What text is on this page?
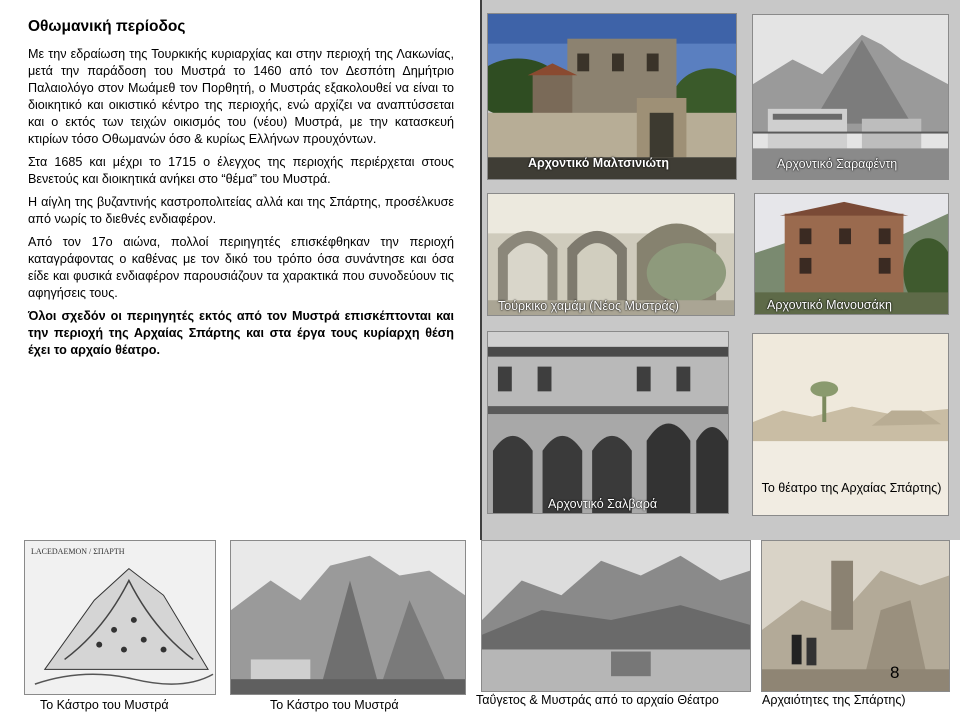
Οθωμανική περίοδος

Με την εδραίωση της Τουρκικής κυριαρχίας και στην περιοχή της Λακωνίας, μετά την παράδοση του Μυστρά το 1460 από τον Δεσπότη Δημήτριο Παλαιολόγο στον Μωάμεθ τον Πορθητή, ο Μυστράς εξακολουθεί να είναι το διοικητικό και οικιστικό κέντρο της περιοχής, ενώ αρχίζει να αναπτύσσεται και ο εκτός των τειχών οικισμός του (νέου) Μυστρά, με την κατασκευή κτιρίων τόσο Οθωμανών όσο & κυρίως Ελλήνων προυχόντων.

Στα 1685 και μέχρι το 1715 ο έλεγχος της περιοχής περιέρχεται στους Βενετούς και διοικητικά ανήκει στο “θέμα” του Μυστρά.

Η αίγλη της βυζαντινής καστροπολιτείας αλλά και της Σπάρτης, προσέλκυσε από νωρίς το διεθνές ενδιαφέρον.

Από τον 17ο αιώνα, πολλοί περιηγητές επισκέφθηκαν την περιοχή καταγράφοντας ο καθένας με τον δικό του τρόπο όσα συνάντησε και όσα είδε και φυσικά ενδιαφέρον παρουσιάζουν τα χαρακτικά που συνοδεύουν τις αφηγήσεις τους.

Όλοι σχεδόν οι περιηγητές εκτός από τον Μυστρά επισκέπτονται και την περιοχή της Αρχαίας Σπάρτης και στα έργα τους κυρίαρχη θέση έχει το αρχαίο θέατρο.

Αρχοντικό Μαλτσινιώτη	Αρχοντικό Σαραφέντη
Τούρκικο χαμάμ (Νέος Μυστράς)	Αρχοντικό Μανουσάκη
Αρχοντικό Σαλβαρά
Το θέατρο της Αρχαίας Σπάρτης)
LACEDAEMON / ΣΠΑΡΤΗ
Το Κάστρο του Μυστρά	Το Κάστρο του Μυστρά	Ταΰγετος & Μυστράς από το αρχαίο Θέατρο
8
Αρχαιότητες της Σπάρτης)
